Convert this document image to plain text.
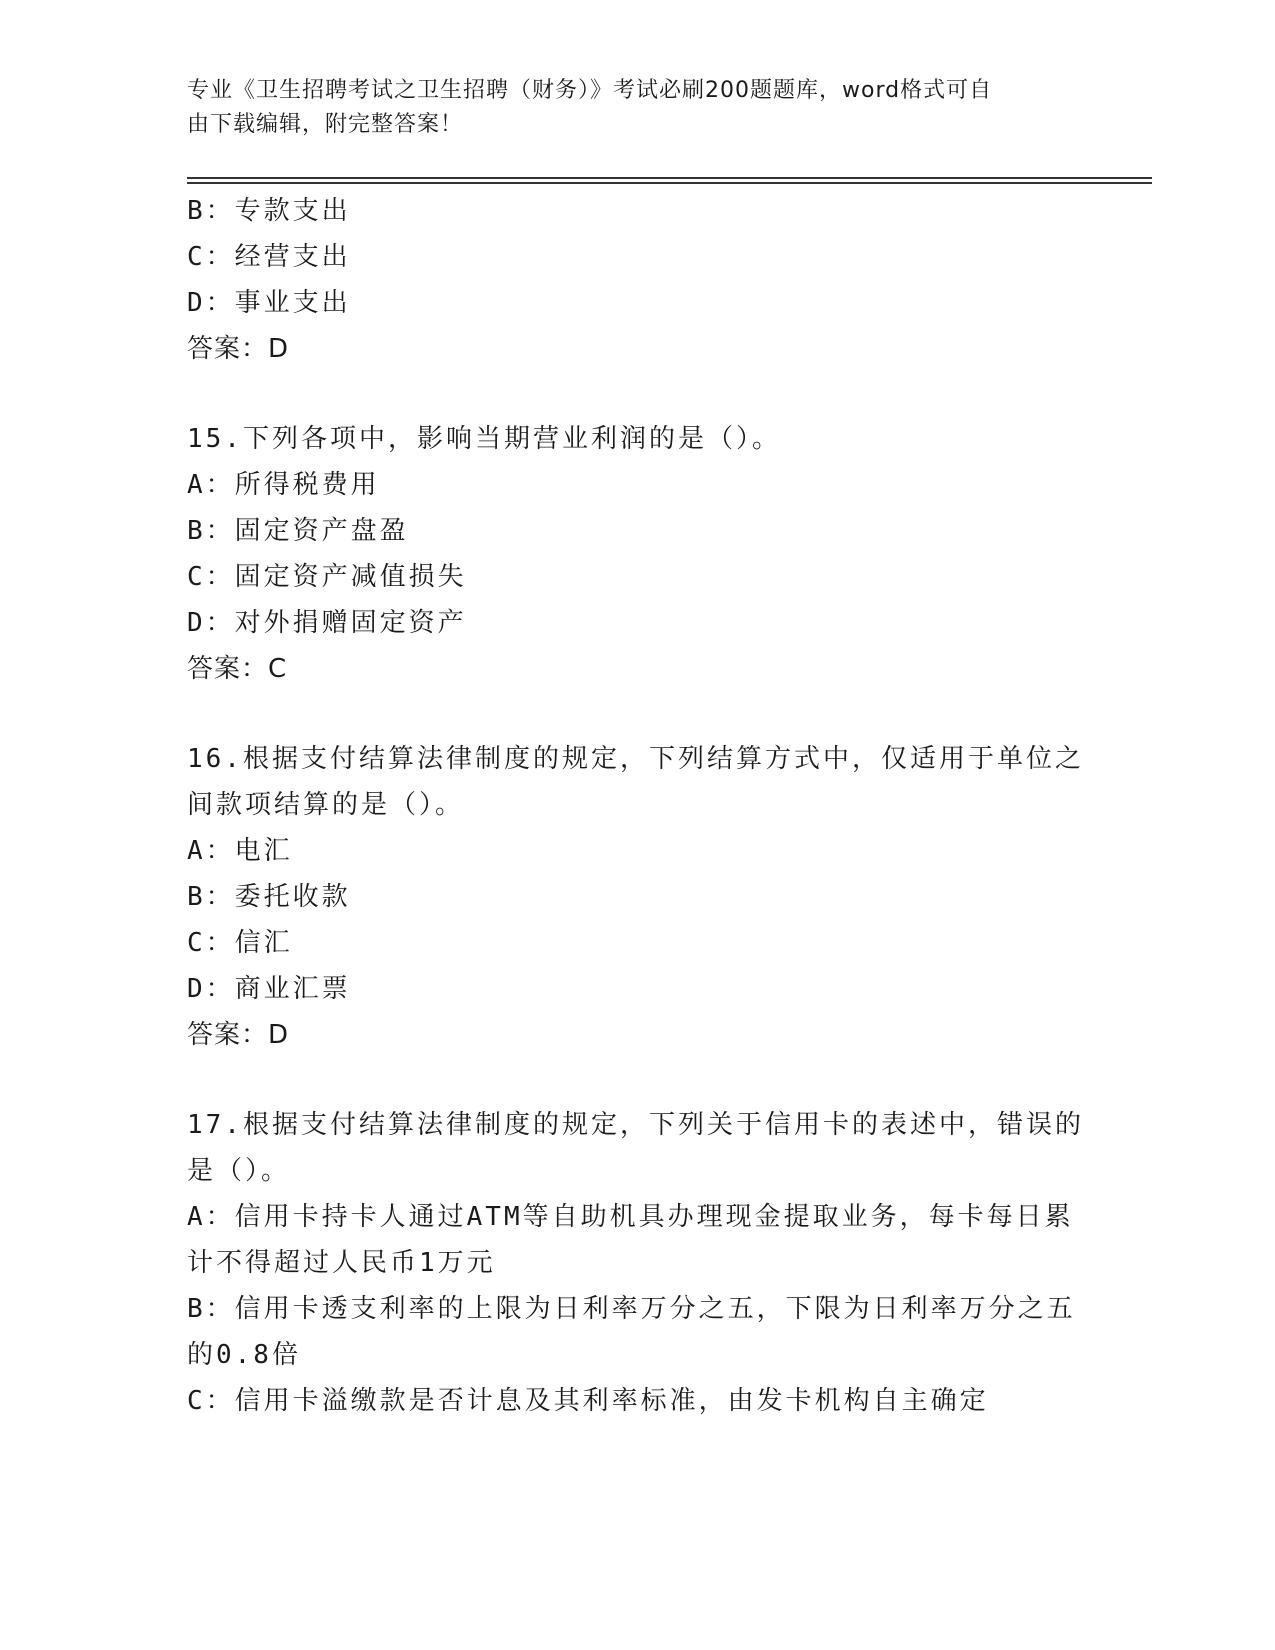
专业《卫生招聘考试之卫生招聘（财务）》考试必刷200题题库，word格式可自
由下载编辑，附完整答案！
B：专款支出
C：经营支出
D：事业支出
答案：D
15.下列各项中，影响当期营业利润的是（）。
A：所得税费用
B：固定资产盘盈
C：固定资产减值损失
D：对外捐赠固定资产
答案：C
16.根据支付结算法律制度的规定，下列结算方式中，仅适用于单位之
间款项结算的是（）。
A：电汇
B：委托收款
C：信汇
D：商业汇票
答案：D
17.根据支付结算法律制度的规定，下列关于信用卡的表述中，错误的
是（）。
A：信用卡持卡人通过ATM等自助机具办理现金提取业务，每卡每日累
计不得超过人民币1万元
B：信用卡透支利率的上限为日利率万分之五，下限为日利率万分之五
的0.8倍
C：信用卡溢缴款是否计息及其利率标准，由发卡机构自主确定
